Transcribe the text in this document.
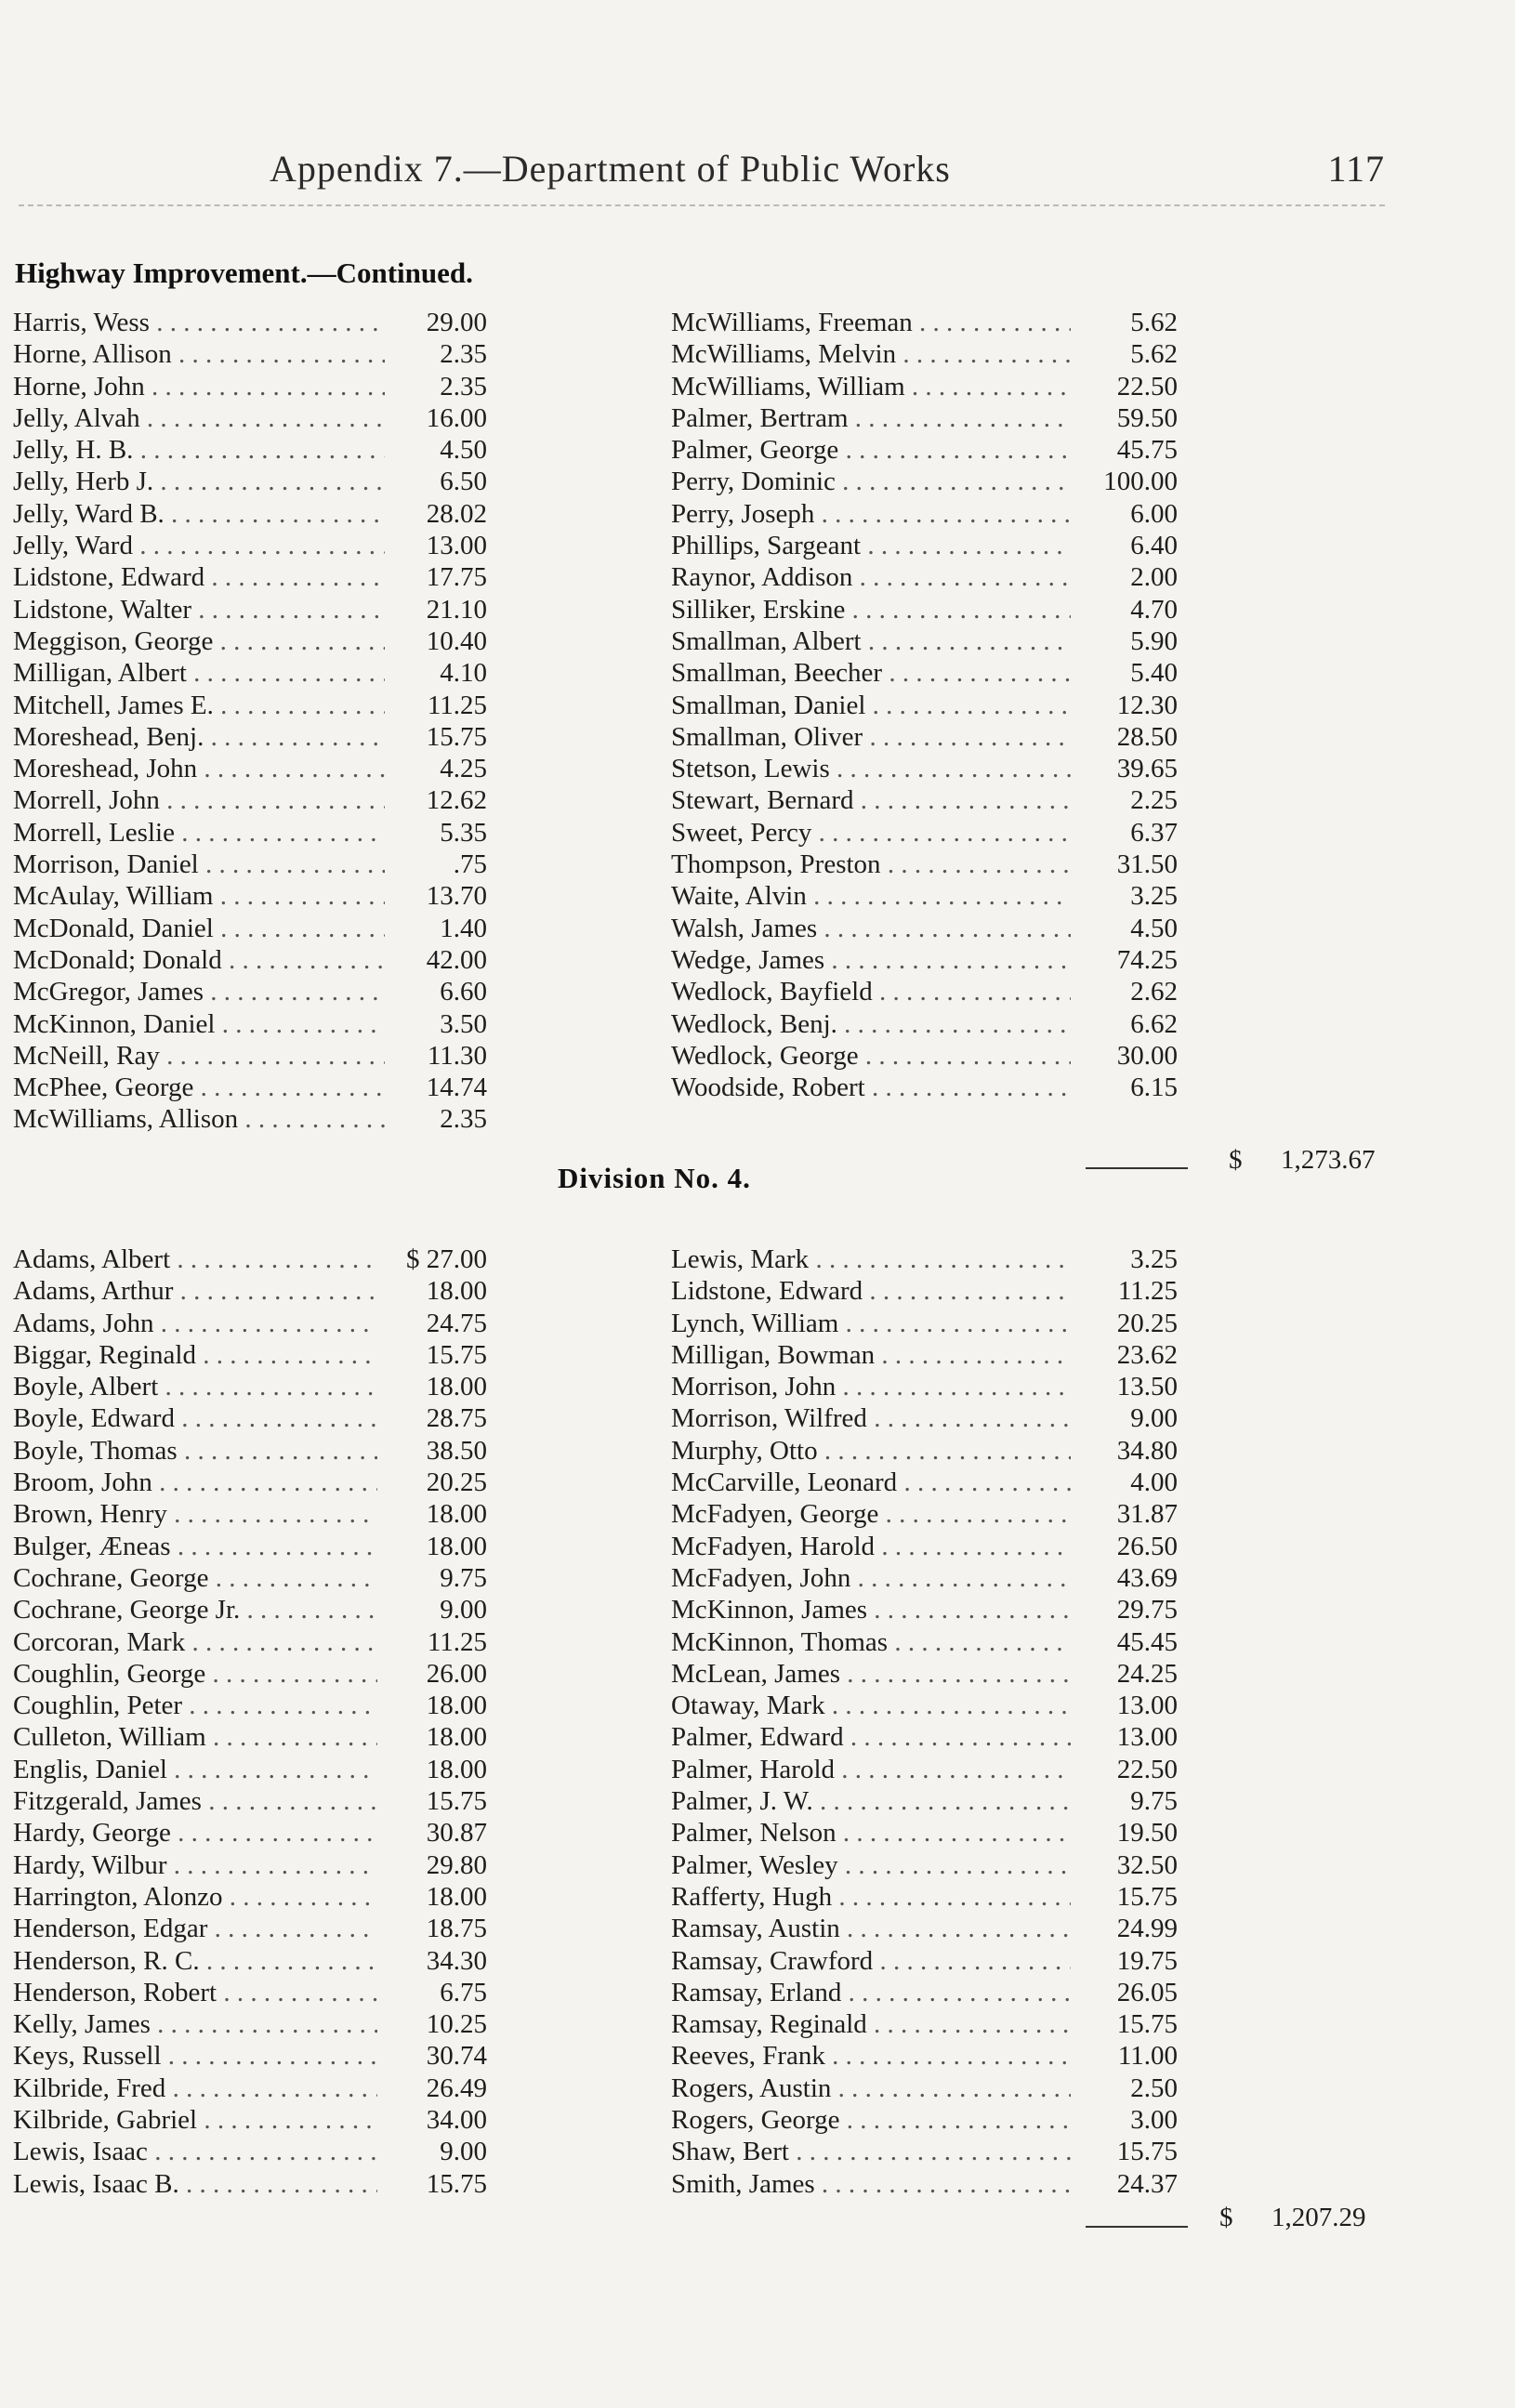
Appendix 7.—Department of Public Works	117
Highway Improvement.—Continued.
Harris, Wess . . .	29.00
Horne, Allison . . .	2.35
Horne, John . . .	2.35
Jelly, Alvah . . .	16.00
Jelly, H. B. . . .	4.50
Jelly, Herb J. . . .	6.50
Jelly, Ward B. . . .	28.02
Jelly, Ward . . .	13.00
Lidstone, Edward . . .	17.75
Lidstone, Walter . . .	21.10
Meggison, George . . .	10.40
Milligan, Albert . . .	4.10
Mitchell, James E. . . .	11.25
Moreshead, Benj. . . .	15.75
Moreshead, John . . .	4.25
Morrell, John . . .	12.62
Morrell, Leslie . . .	5.35
Morrison, Daniel . . .	.75
McAulay, William . . .	13.70
McDonald, Daniel . . .	1.40
McDonald; Donald . . .	42.00
McGregor, James . . .	6.60
McKinnon, Daniel . . .	3.50
McNeill, Ray . . .	11.30
McPhee, George . . .	14.74
McWilliams, Allison . . .	2.35
McWilliams, Freeman . . .	5.62
McWilliams, Melvin . . .	5.62
McWilliams, William . . .	22.50
Palmer, Bertram . . .	59.50
Palmer, George . . .	45.75
Perry, Dominic . . .	100.00
Perry, Joseph . . .	6.00
Phillips, Sargeant . . .	6.40
Raynor, Addison . . .	2.00
Silliker, Erskine . . .	4.70
Smallman, Albert . . .	5.90
Smallman, Beecher . . .	5.40
Smallman, Daniel . . .	12.30
Smallman, Oliver . . .	28.50
Stetson, Lewis . . .	39.65
Stewart, Bernard . . .	2.25
Sweet, Percy . . .	6.37
Thompson, Preston . . .	31.50
Waite, Alvin . . .	3.25
Walsh, James . . .	4.50
Wedge, James . . .	74.25
Wedlock, Bayfield . . .	2.62
Wedlock, Benj. . . .	6.62
Wedlock, George . . .	30.00
Woodside, Robert . . .	6.15
$ 1,273.67
Division No. 4.
Adams, Albert . . .	$ 27.00
Adams, Arthur . . .	18.00
Adams, John . . .	24.75
Biggar, Reginald . . .	15.75
Boyle, Albert . . .	18.00
Boyle, Edward . . .	28.75
Boyle, Thomas . . .	38.50
Broom, John . . .	20.25
Brown, Henry . . .	18.00
Bulger, Æneas . . .	18.00
Cochrane, George . . .	9.75
Cochrane, George Jr. . . .	9.00
Corcoran, Mark . . .	11.25
Coughlin, George . . .	26.00
Coughlin, Peter . . .	18.00
Culleton, William . . .	18.00
Englis, Daniel . . .	18.00
Fitzgerald, James . . .	15.75
Hardy, George . . .	30.87
Hardy, Wilbur . . .	29.80
Harrington, Alonzo . . .	18.00
Henderson, Edgar . . .	18.75
Henderson, R. C. . . .	34.30
Henderson, Robert . . .	6.75
Kelly, James . . .	10.25
Keys, Russell . . .	30.74
Kilbride, Fred . . .	26.49
Kilbride, Gabriel . . .	34.00
Lewis, Isaac . . .	9.00
Lewis, Isaac B. . . .	15.75
Lewis, Mark . . .	3.25
Lidstone, Edward . . .	11.25
Lynch, William . . .	20.25
Milligan, Bowman . . .	23.62
Morrison, John . . .	13.50
Morrison, Wilfred . . .	9.00
Murphy, Otto . . .	34.80
McCarville, Leonard . . .	4.00
McFadyen, George . . .	31.87
McFadyen, Harold . . .	26.50
McFadyen, John . . .	43.69
McKinnon, James . . .	29.75
McKinnon, Thomas . . .	45.45
McLean, James . . .	24.25
Otaway, Mark . . .	13.00
Palmer, Edward . . .	13.00
Palmer, Harold . . .	22.50
Palmer, J. W. . . .	9.75
Palmer, Nelson . . .	19.50
Palmer, Wesley . . .	32.50
Rafferty, Hugh . . .	15.75
Ramsay, Austin . . .	24.99
Ramsay, Crawford . . .	19.75
Ramsay, Erland . . .	26.05
Ramsay, Reginald . . .	15.75
Reeves, Frank . . .	11.00
Rogers, Austin . . .	2.50
Rogers, George . . .	3.00
Shaw, Bert . . .	15.75
Smith, James . . .	24.37
$ 1,207.29
